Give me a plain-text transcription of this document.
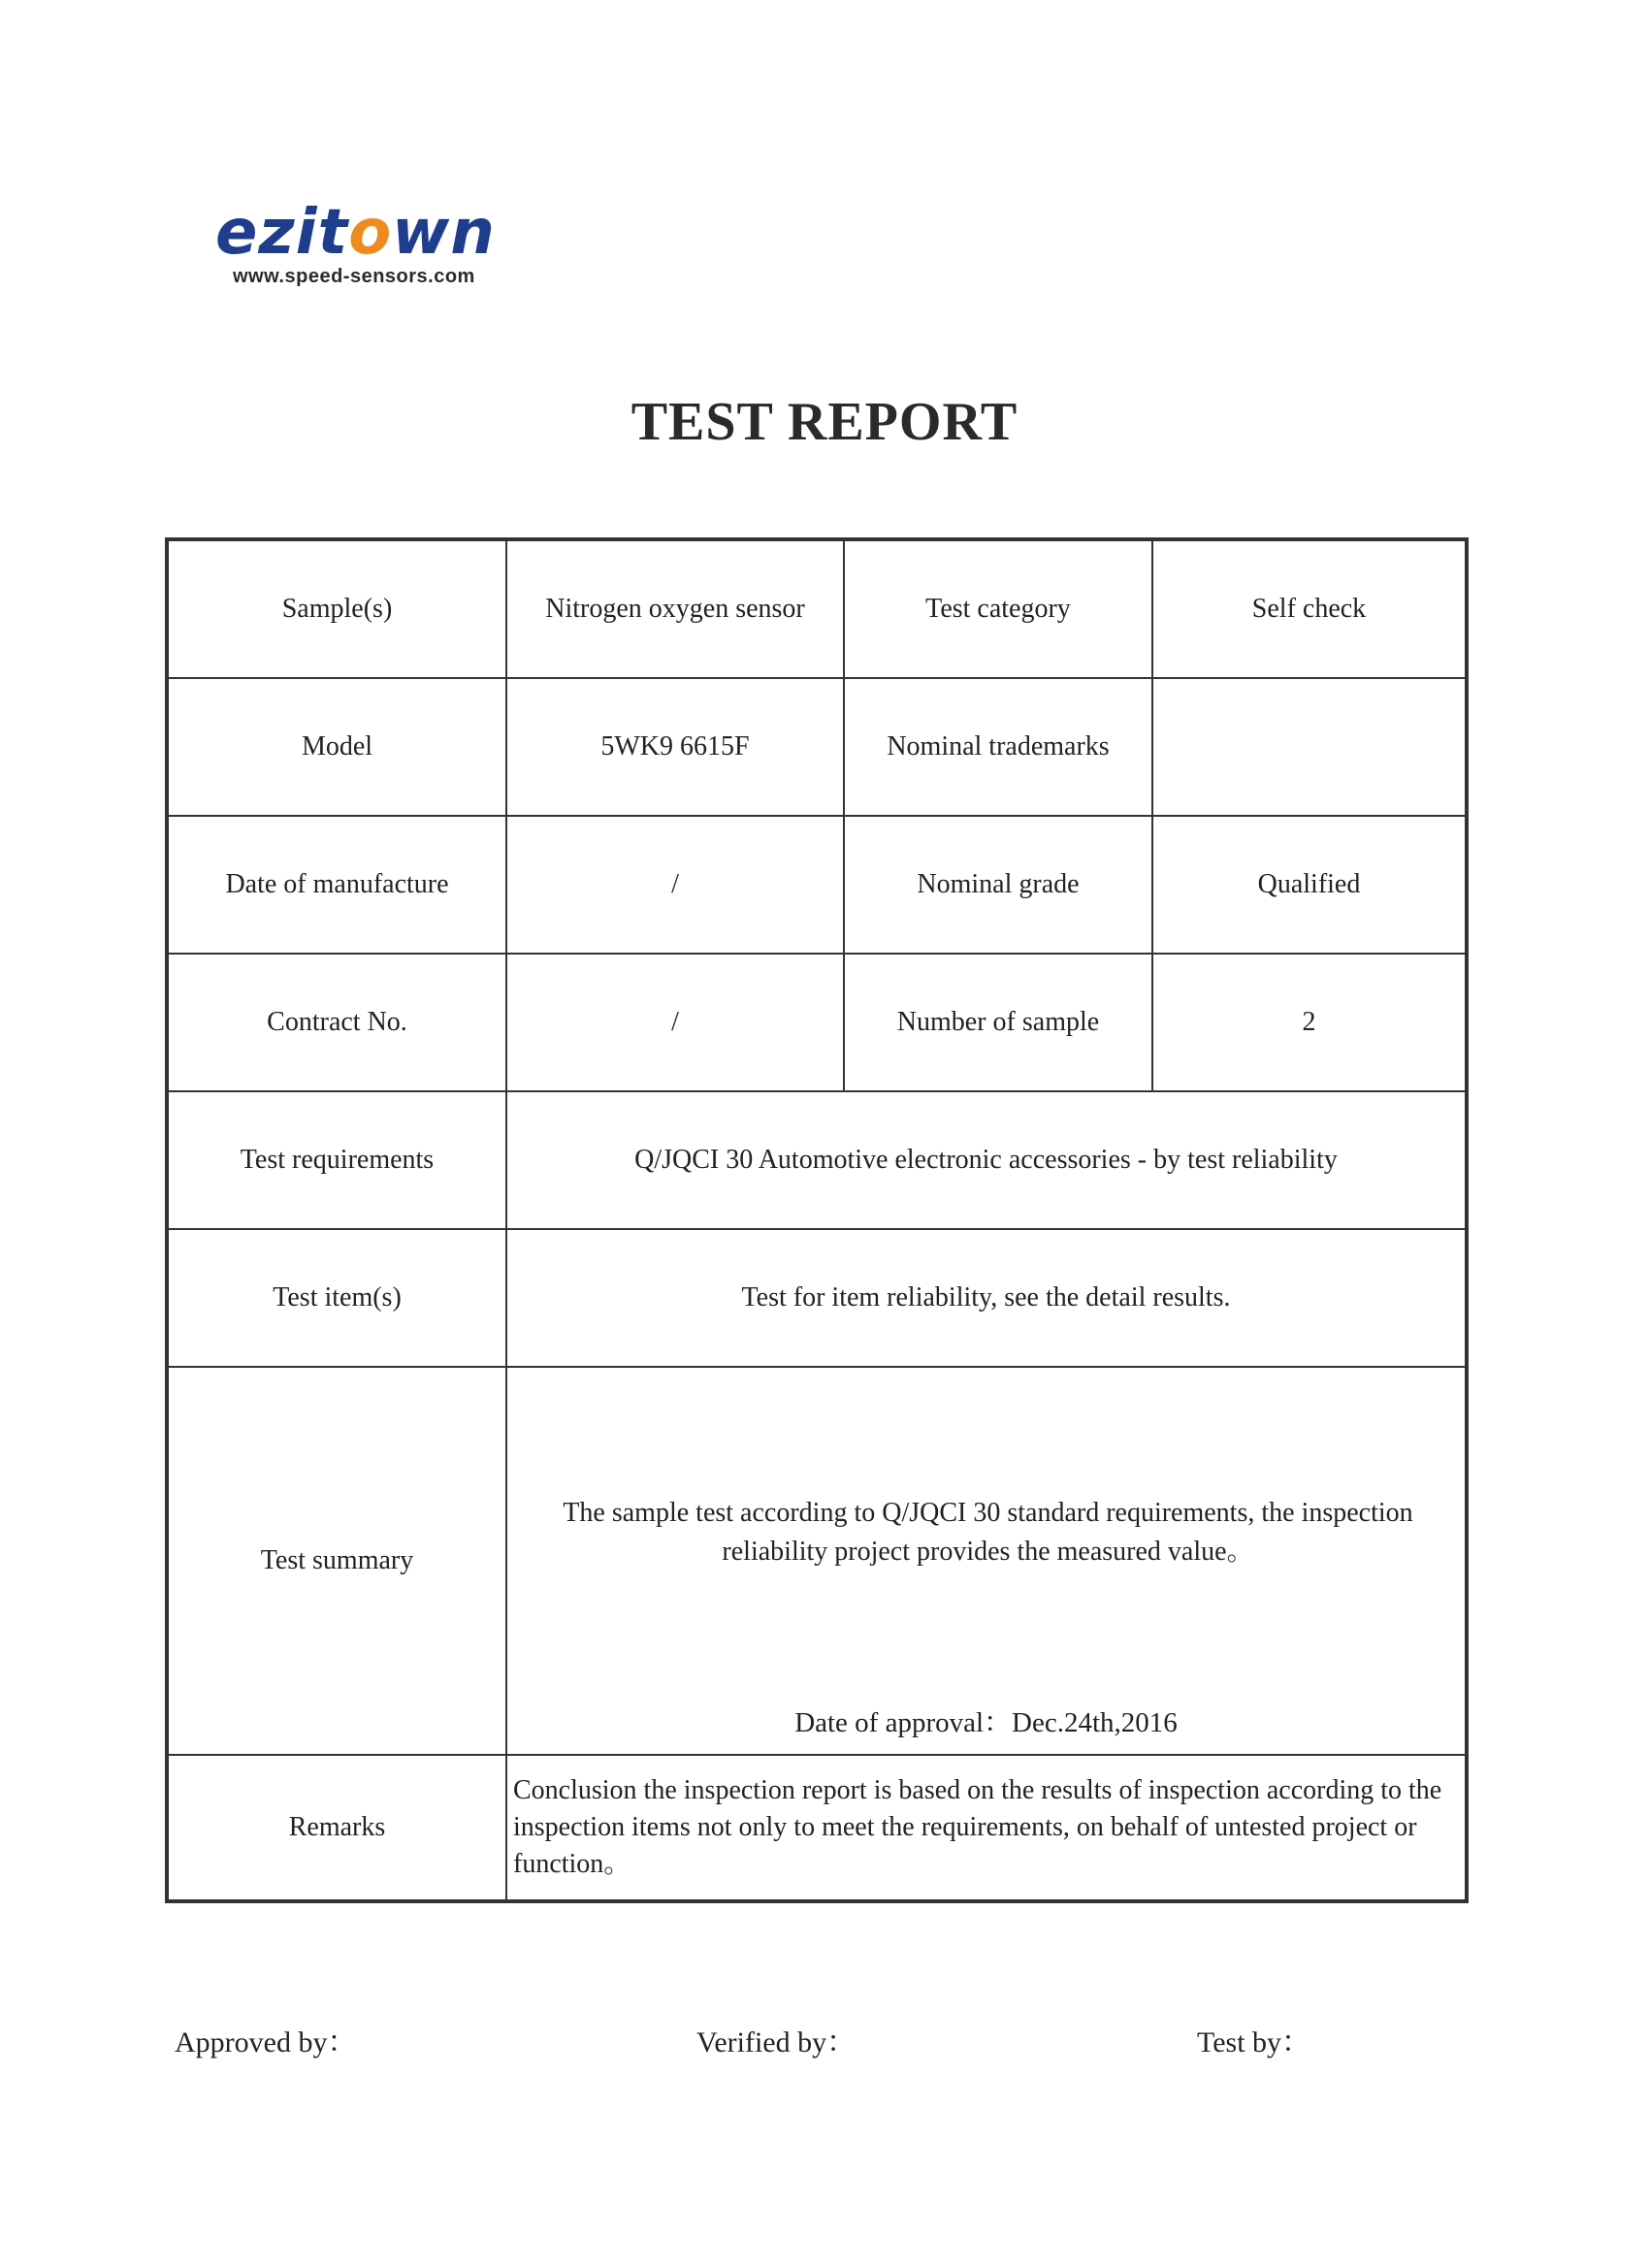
ezitown
www.speed-sensors.com
TEST REPORT
Sample(s)	Nitrogen oxygen sensor	Test category	Self check
Model	5WK9 6615F	Nominal trademarks	
Date of manufacture	/	Nominal grade	Qualified
Contract No.	/	Number of sample	2
Test requirements	Q/JQCI 30 Automotive electronic accessories - by test reliability		
Test item(s)	Test for item reliability, see the detail results.		
Test summary	The sample test according to Q/JQCI 30 standard requirements, the inspection reliability project provides the measured value。
Date of approval：Dec.24th,2016		

Remarks	Conclusion the inspection report is based on the results of inspection according to the inspection items not only to meet the requirements, on behalf of untested project or function。		
Approved by：	Verified by：	Test by：
